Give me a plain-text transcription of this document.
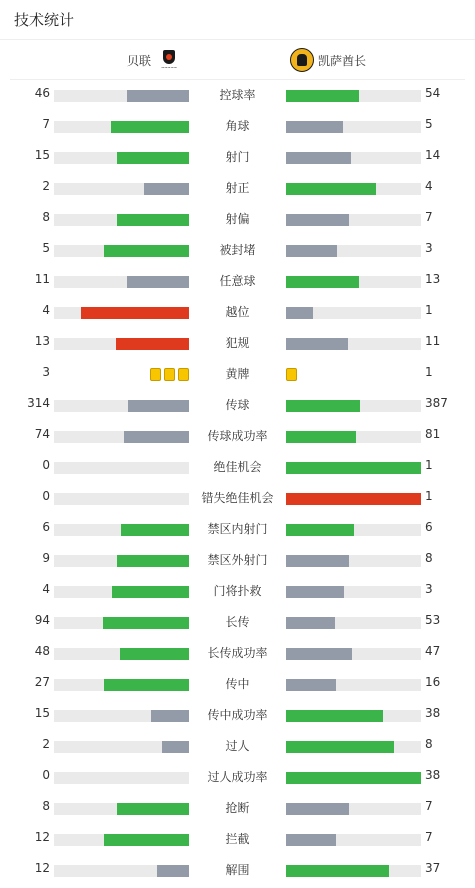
技术统计
贝联	~~~~~	凯萨酋长
46	控球率	54
7	角球	5
15	射门	14
2	射正	4
8	射偏	7
5	被封堵	3
11	任意球	13
4	越位	1
13	犯规	11
3	黄牌	1
314	传球	387
74	传球成功率	81
0	绝佳机会	1
0	错失绝佳机会	1
6	禁区内射门	6
9	禁区外射门	8
4	门将扑救	3
94	长传	53
48	长传成功率	47
27	传中	16
15	传中成功率	38
2	过人	8
0	过人成功率	38
8	抢断	7
12	拦截	7
12	解围	37
